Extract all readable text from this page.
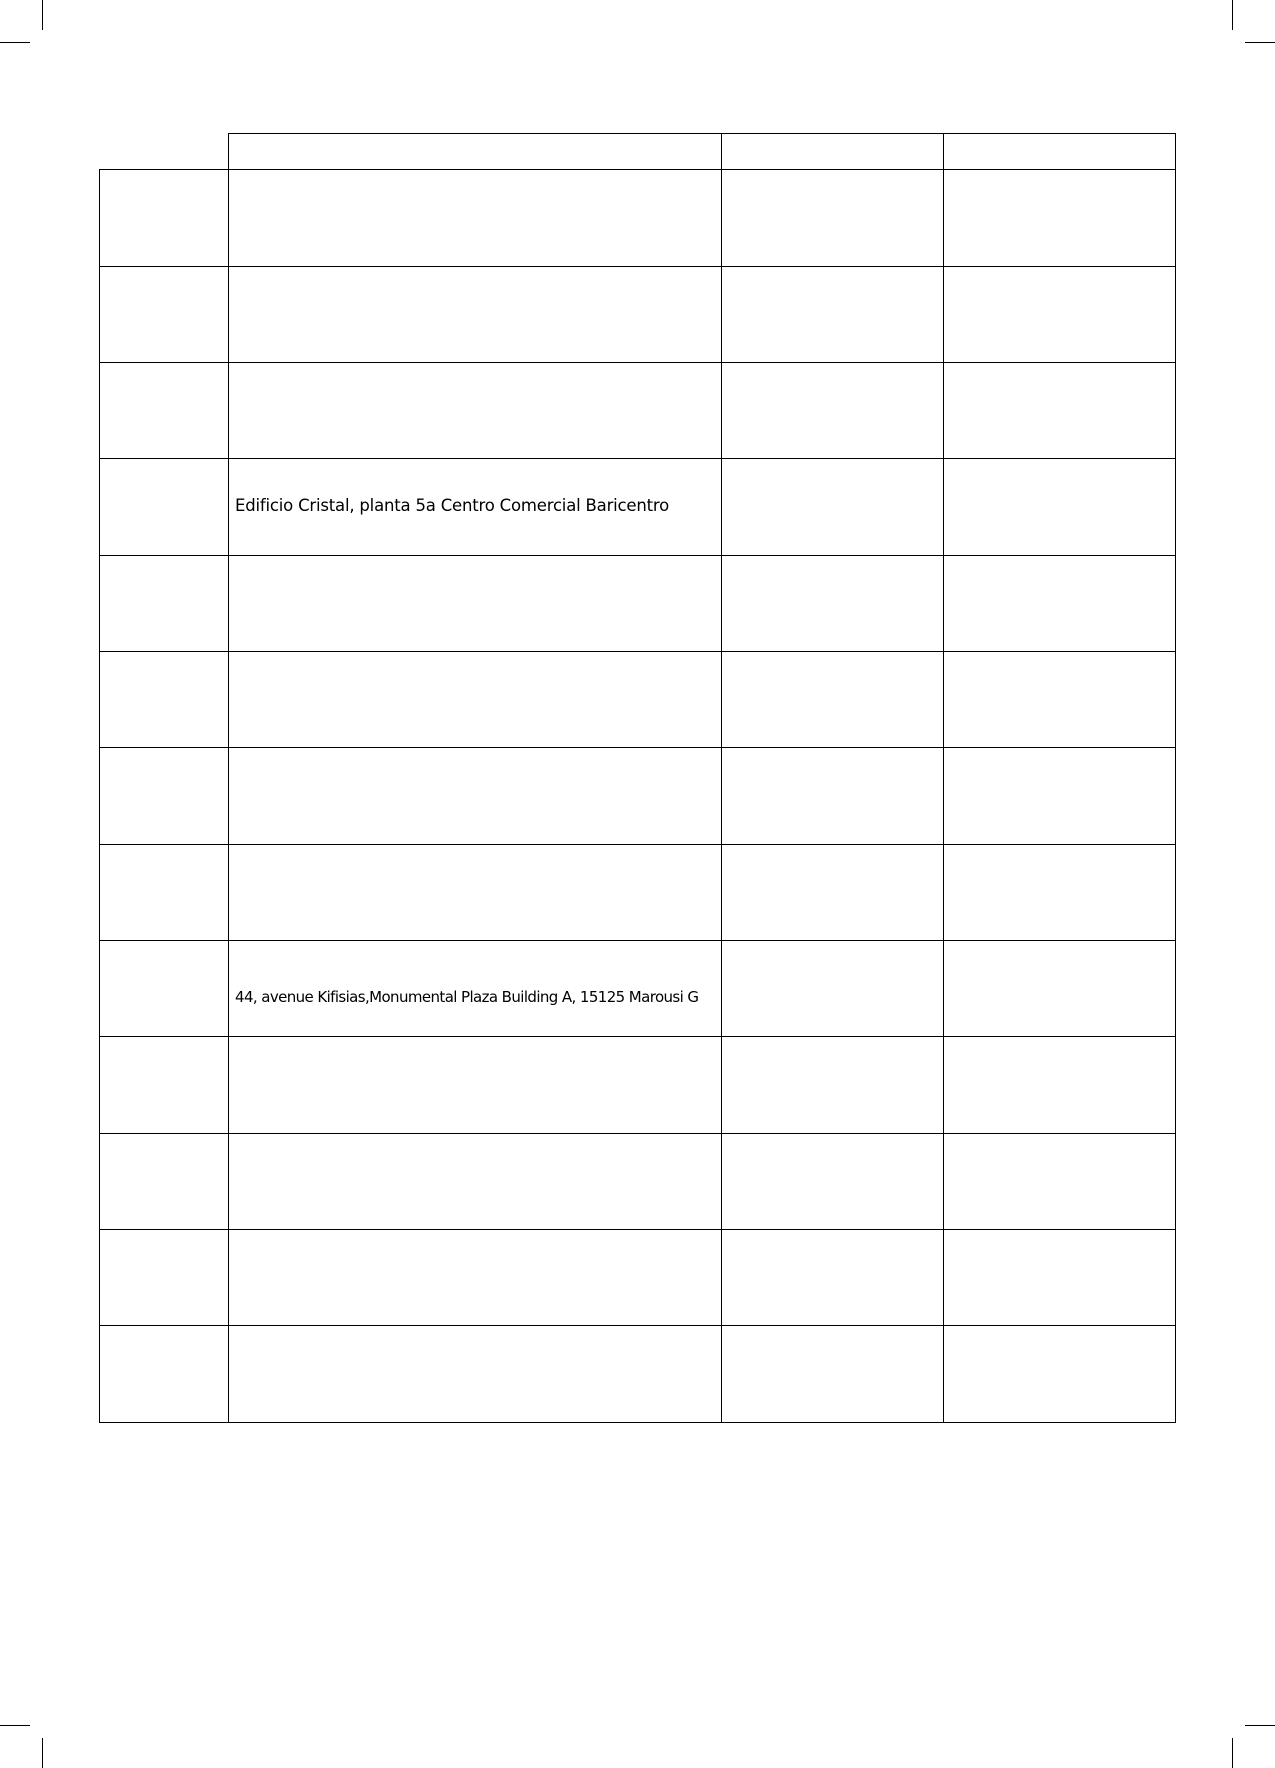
Edificio Cristal, planta 5a Centro Comercial Baricentro
44, avenue Kifisias,Monumental Plaza Building A, 15125 Marousi G
